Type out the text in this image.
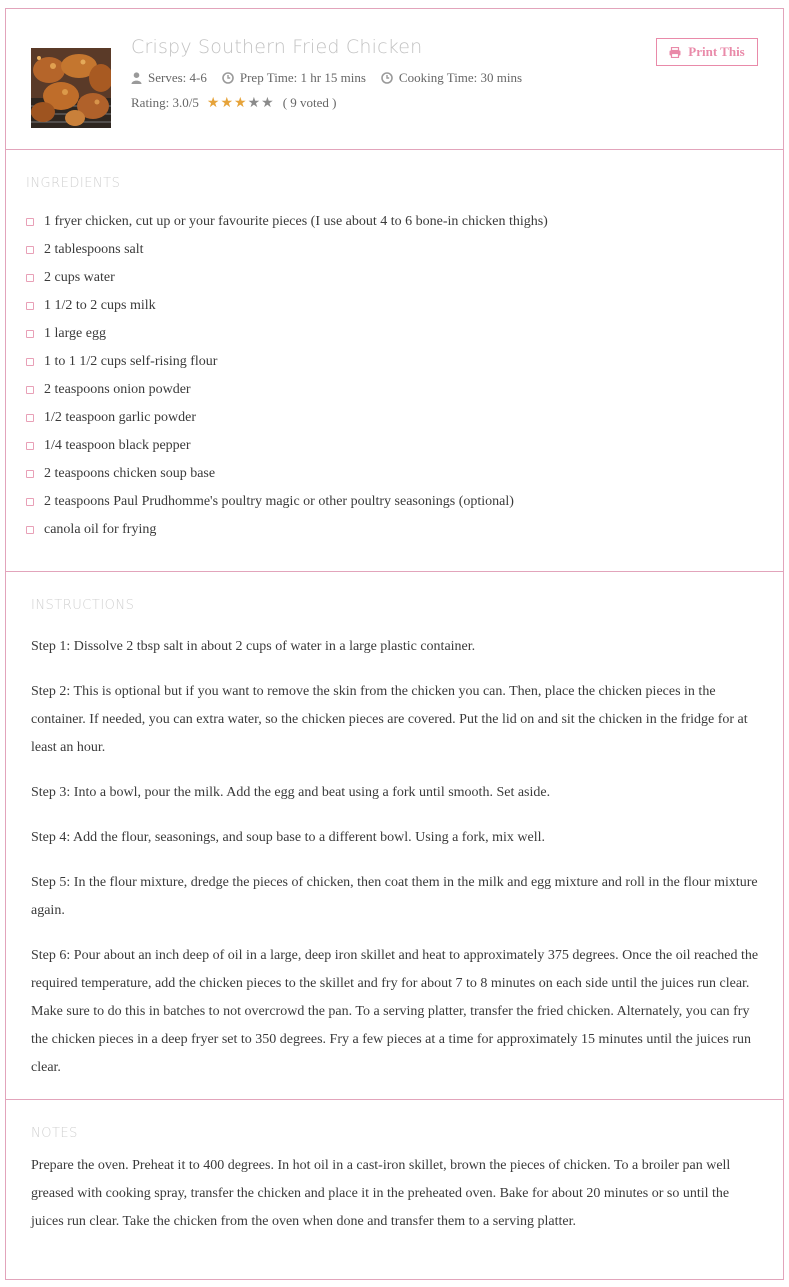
Crispy Southern Fried Chicken
Serves: 4-6	Prep Time: 1 hr 15 mins	Cooking Time: 30 mins
Rating: 3.0/5 ★ ★ ★ ★ ★ ( 9 voted )
Print This
INGREDIENTS
1 fryer chicken, cut up or your favourite pieces (I use about 4 to 6 bone-in chicken thighs)
2 tablespoons salt
2 cups water
1 1/2 to 2 cups milk
1 large egg
1 to 1 1/2 cups self-rising flour
2 teaspoons onion powder
1/2 teaspoon garlic powder
1/4 teaspoon black pepper
2 teaspoons chicken soup base
2 teaspoons Paul Prudhomme's poultry magic or other poultry seasonings (optional)
canola oil for frying
INSTRUCTIONS
Step 1: Dissolve 2 tbsp salt in about 2 cups of water in a large plastic container.
Step 2: This is optional but if you want to remove the skin from the chicken you can. Then, place the chicken pieces in the container. If needed, you can extra water, so the chicken pieces are covered. Put the lid on and sit the chicken in the fridge for at least an hour.
Step 3: Into a bowl, pour the milk. Add the egg and beat using a fork until smooth. Set aside.
Step 4: Add the flour, seasonings, and soup base to a different bowl. Using a fork, mix well.
Step 5: In the flour mixture, dredge the pieces of chicken, then coat them in the milk and egg mixture and roll in the flour mixture again.
Step 6: Pour about an inch deep of oil in a large, deep iron skillet and heat to approximately 375 degrees. Once the oil reached the required temperature, add the chicken pieces to the skillet and fry for about 7 to 8 minutes on each side until the juices run clear. Make sure to do this in batches to not overcrowd the pan. To a serving platter, transfer the fried chicken. Alternately, you can fry the chicken pieces in a deep fryer set to 350 degrees. Fry a few pieces at a time for approximately 15 minutes until the juices run clear.
NOTES
Prepare the oven. Preheat it to 400 degrees. In hot oil in a cast-iron skillet, brown the pieces of chicken. To a broiler pan well greased with cooking spray, transfer the chicken and place it in the preheated oven. Bake for about 20 minutes or so until the juices run clear. Take the chicken from the oven when done and transfer them to a serving platter.
